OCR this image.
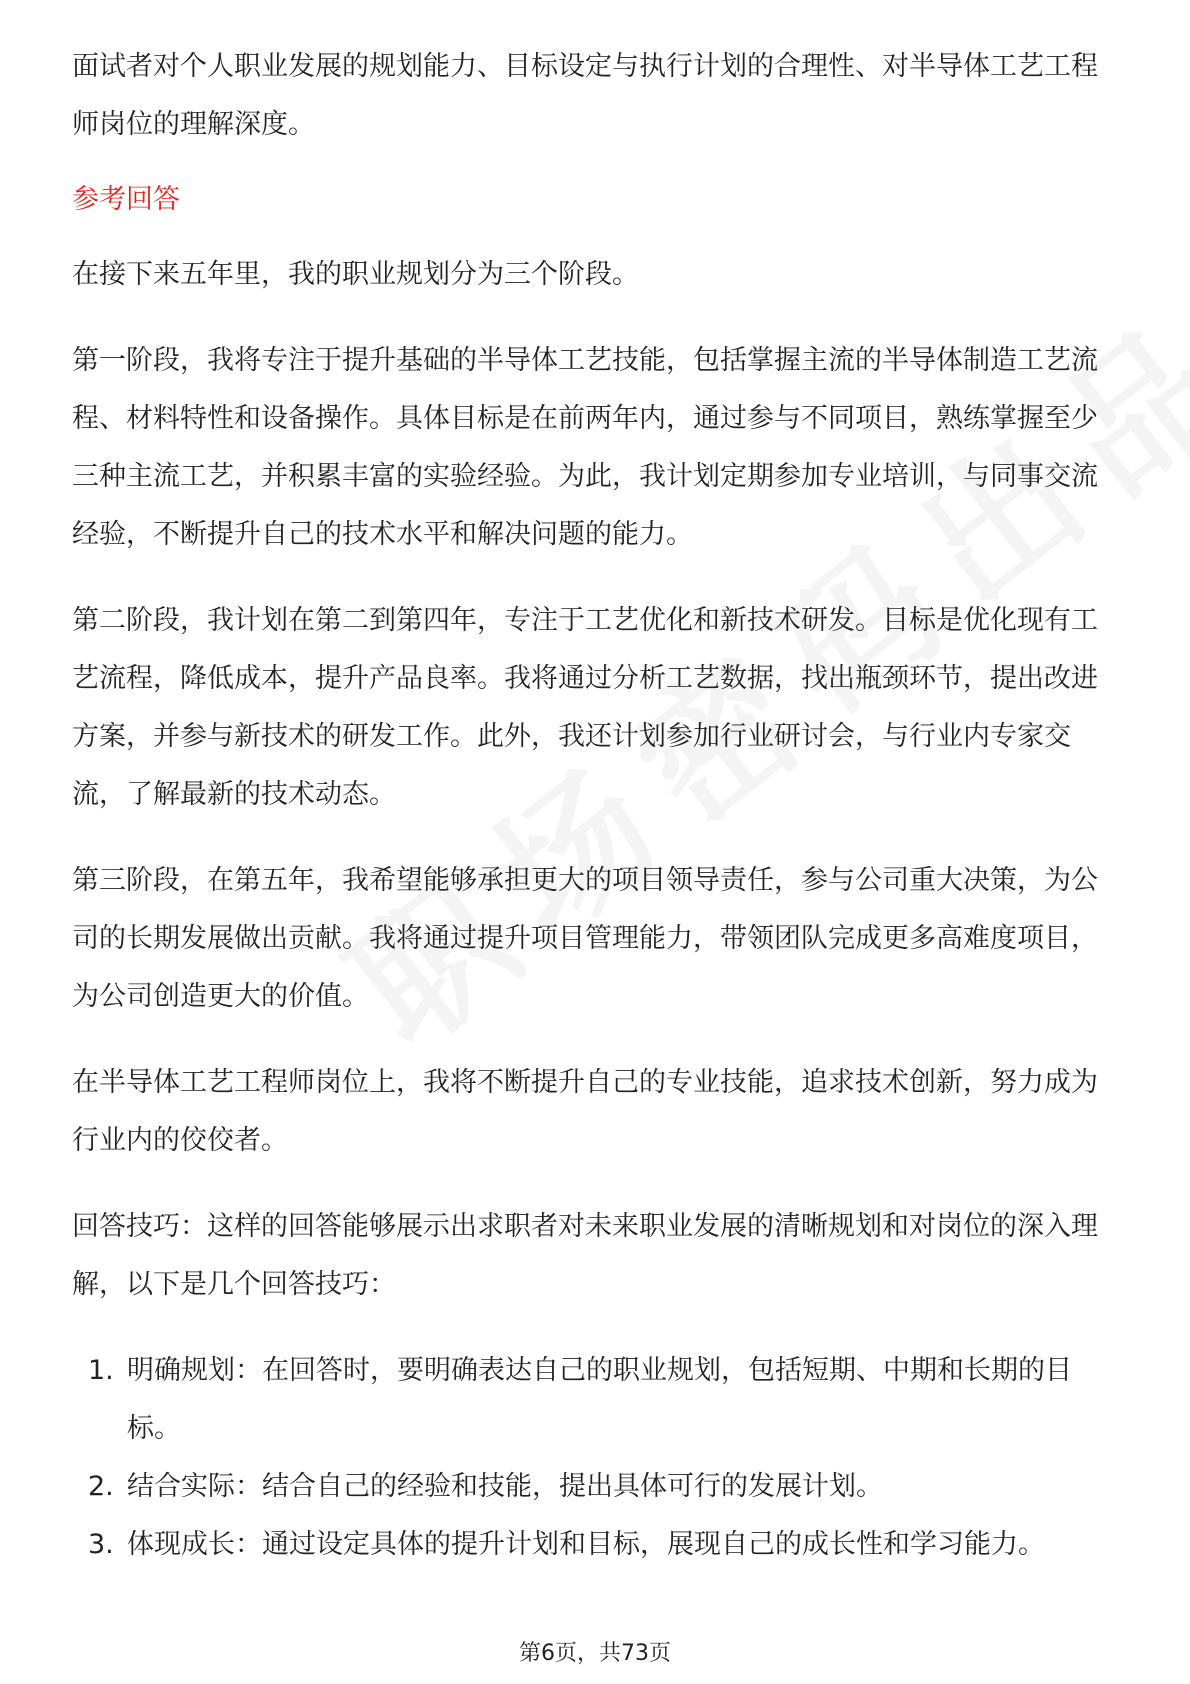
面试者对个人职业发展的规划能力、目标设定与执行计划的合理性、对半导体工艺工程师岗位的理解深度。

参考回答

在接下来五年里，我的职业规划分为三个阶段。

第一阶段，我将专注于提升基础的半导体工艺技能，包括掌握主流的半导体制造工艺流程、材料特性和设备操作。具体目标是在前两年内，通过参与不同项目，熟练掌握至少三种主流工艺，并积累丰富的实验经验。为此，我计划定期参加专业培训，与同事交流经验，不断提升自己的技术水平和解决问题的能力。

第二阶段，我计划在第二到第四年，专注于工艺优化和新技术研发。目标是优化现有工艺流程，降低成本，提升产品良率。我将通过分析工艺数据，找出瓶颈环节，提出改进方案，并参与新技术的研发工作。此外，我还计划参加行业研讨会，与行业内专家交流，了解最新的技术动态。

第三阶段，在第五年，我希望能够承担更大的项目领导责任，参与公司重大决策，为公司的长期发展做出贡献。我将通过提升项目管理能力，带领团队完成更多高难度项目，为公司创造更大的价值。

在半导体工艺工程师岗位上，我将不断提升自己的专业技能，追求技术创新，努力成为行业内的佼佼者。

回答技巧：这样的回答能够展示出求职者对未来职业发展的清晰规划和对岗位的深入理解，以下是几个回答技巧：

1. 明确规划：在回答时，要明确表达自己的职业规划，包括短期、中期和长期的目标。
2. 结合实际：结合自己的经验和技能，提出具体可行的发展计划。
3. 体现成长：通过设定具体的提升计划和目标，展现自己的成长性和学习能力。
第6页，共73页
